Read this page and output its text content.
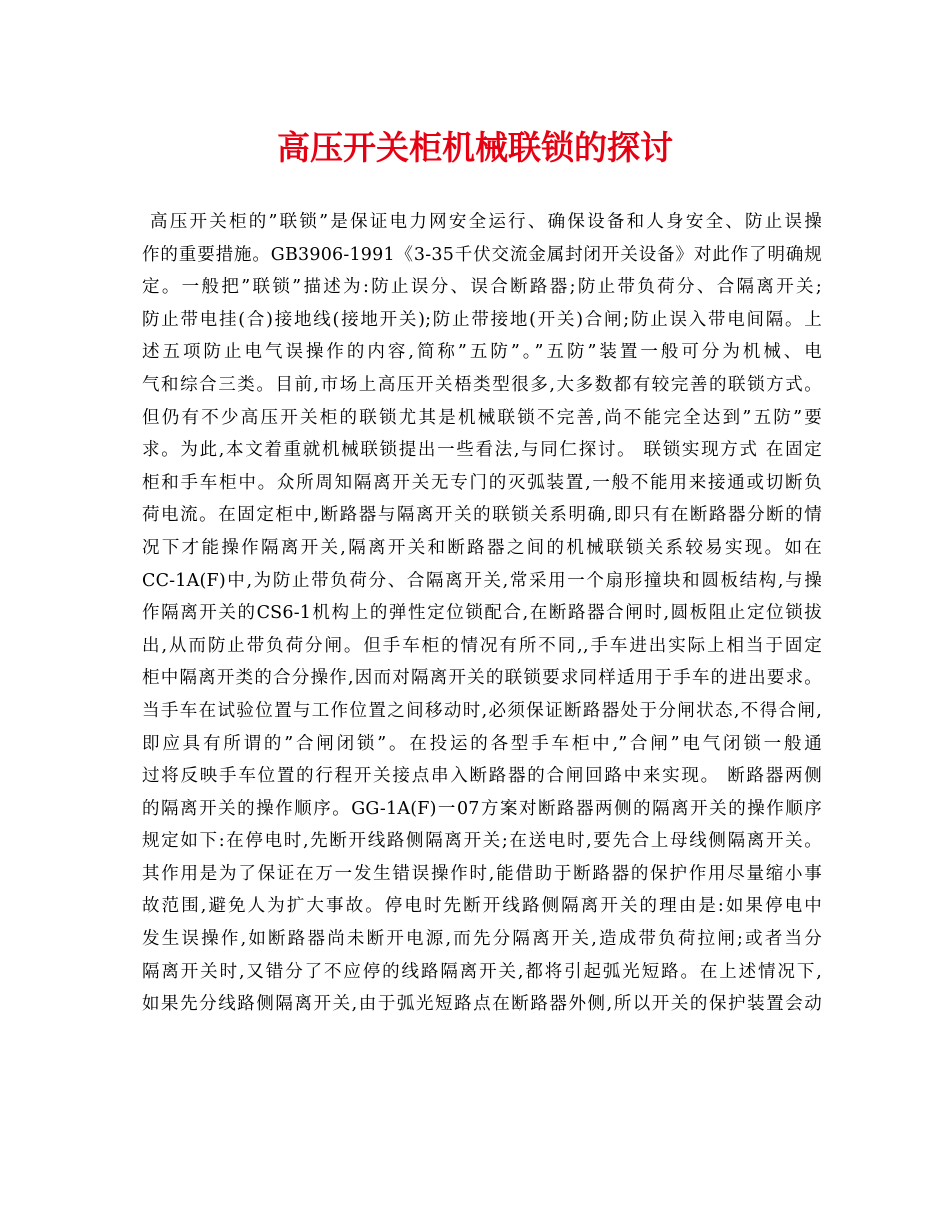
高压开关柜机械联锁的探讨
高压开关柜的”联锁”是保证电力网安全运行、确保设备和人身安全、防止误操
作的重要措施。GB3906-1991《3-35千伏交流金属封闭开关设备》对此作了明确规
定。一般把”联锁”描述为:防止误分、误合断路器;防止带负荷分、合隔离开关;
防止带电挂(合)接地线(接地开关);防止带接地(开关)合闸;防止误入带电间隔。上
述五项防止电气误操作的内容,简称”五防”。”五防”装置一般可分为机械、电
气和综合三类。目前,市场上高压开关梧类型很多,大多数都有较完善的联锁方式。
但仍有不少高压开关柜的联锁尤其是机械联锁不完善,尚不能完全达到”五防”要
求。为此,本文着重就机械联锁提出一些看法,与同仁探讨。 联锁实现方式 在固定
柜和手车柜中。众所周知隔离开关无专门的灭弧装置,一般不能用来接通或切断负
荷电流。在固定柜中,断路器与隔离开关的联锁关系明确,即只有在断路器分断的情
况下才能操作隔离开关,隔离开关和断路器之间的机械联锁关系较易实现。如在
CC-1A(F)中,为防止带负荷分、合隔离开关,常采用一个扇形撞块和圆板结构,与操
作隔离开关的CS6-1机构上的弹性定位锁配合,在断路器合闸时,圆板阻止定位锁拔
出,从而防止带负荷分闸。但手车柜的情况有所不同,,手车进出实际上相当于固定
柜中隔离开类的合分操作,因而对隔离开关的联锁要求同样适用于手车的进出要求。
当手车在试验位置与工作位置之间移动时,必须保证断路器处于分闸状态,不得合闸,
即应具有所谓的”合闸闭锁”。在投运的各型手车柜中,”合闸”电气闭锁一般通
过将反映手车位置的行程开关接点串入断路器的合闸回路中来实现。 断路器两侧
的隔离开关的操作顺序。GG-1A(F)一07方案对断路器两侧的隔离开关的操作顺序
规定如下:在停电时,先断开线路侧隔离开关;在送电时,要先合上母线侧隔离开关。
其作用是为了保证在万一发生错误操作时,能借助于断路器的保护作用尽量缩小事
故范围,避免人为扩大事故。停电时先断开线路侧隔离开关的理由是:如果停电中
发生误操作,如断路器尚未断开电源,而先分隔离开关,造成带负荷拉闸;或者当分
隔离开关时,又错分了不应停的线路隔离开关,都将引起弧光短路。在上述情况下,
如果先分线路侧隔离开关,由于弧光短路点在断路器外侧,所以开关的保护装置会动
